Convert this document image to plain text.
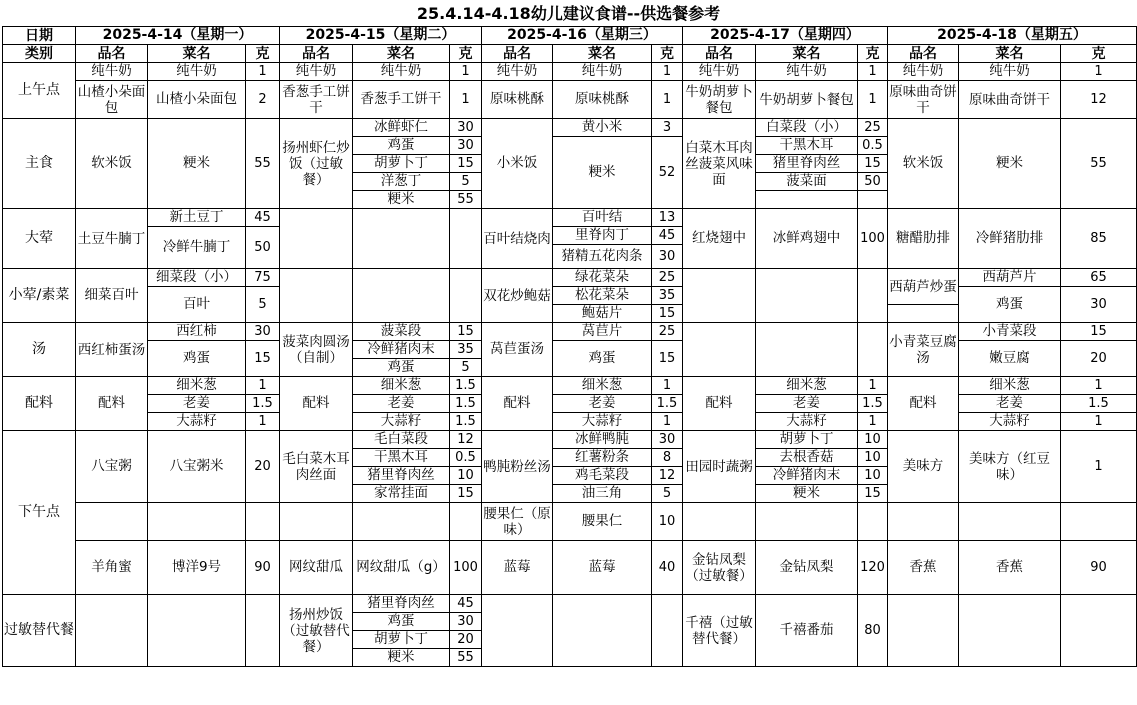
25.4.14-4.18幼儿建议食谱--供选餐参考
日期	2025-4-14（星期一）			2025-4-15（星期二）			2025-4-16（星期三）			2025-4-17（星期四）			2025-4-18（星期五）		
类别	品名	菜名	克	品名	菜名	克	品名	菜名	克	品名	菜名	克	品名	菜名	克
上午点	纯牛奶	纯牛奶	1	纯牛奶	纯牛奶	1	纯牛奶	纯牛奶	1	纯牛奶	纯牛奶	1	纯牛奶	纯牛奶	1
	山楂小朵面包	山楂小朵面包	2	香葱手工饼干	香葱手工饼干	1	原味桃酥	原味桃酥	1	牛奶胡萝卜餐包	牛奶胡萝卜餐包	1	原味曲奇饼干	原味曲奇饼干	12
主食	软米饭	粳米	55	扬州虾仁炒饭（过敏餐）	冰鲜虾仁	30	小米饭	黄小米	3	白菜木耳肉丝菠菜风味面	白菜段（小）	25	软米饭	粳米	55
					鸡蛋	30		粳米	52		干黑木耳	0.5			
					胡萝卜丁	15					猪里脊肉丝	15			
					洋葱丁	5					菠菜面	50			
					粳米	55									
大荤	土豆牛腩丁	新土豆丁	45				百叶结烧肉	百叶结	13	红烧翅中	冰鲜鸡翅中	100	糖醋肋排	冷鲜猪肋排	85
		冷鲜牛腩丁	50					里脊肉丁	45						
								猪精五花肉条	30						
小荤/素菜	细菜百叶	细菜段（小）	75				双花炒鲍菇	绿花菜朵	25				西葫芦炒蛋	西葫芦片	65
		百叶	5					松花菜朵	35					鸡蛋	30
								鲍菇片	15						
汤	西红柿蛋汤	西红柿	30	菠菜肉圆汤（自制）	菠菜段	15	莴苣蛋汤	莴苣片	25				小青菜豆腐汤	小青菜段	15
		鸡蛋	15		冷鲜猪肉末	35		鸡蛋	15					嫩豆腐	20
					鸡蛋	5									
配料	配料	细米葱	1	配料	细米葱	1.5	配料	细米葱	1	配料	细米葱	1	配料	细米葱	1
		老姜	1.5		老姜	1.5		老姜	1.5		老姜	1.5		老姜	1.5
		大蒜籽	1		大蒜籽	1.5		大蒜籽	1		大蒜籽	1		大蒜籽	1
下午点	八宝粥	八宝粥米	20	毛白菜木耳肉丝面	毛白菜段	12	鸭肫粉丝汤	冰鲜鸭肫	30	田园时蔬粥	胡萝卜丁	10	美味方	美味方（红豆味）	1
					干黑木耳	0.5		红薯粉条	8		去根香菇	10			
					猪里脊肉丝	10		鸡毛菜段	12		冷鲜猪肉末	10			
					家常挂面	15		油三角	5		粳米	15			
							腰果仁（原味）	腰果仁	10						
	羊角蜜	博洋9号	90	网纹甜瓜	网纹甜瓜（g）	100	蓝莓	蓝莓	40	金钻凤梨（过敏餐）	金钻凤梨	120	香蕉	香蕉	90
过敏替代餐				扬州炒饭（过敏替代餐）	猪里脊肉丝	45				千禧（过敏替代餐）	千禧番茄	80			
					鸡蛋	30									
					胡萝卜丁	20									
					粳米	55									
